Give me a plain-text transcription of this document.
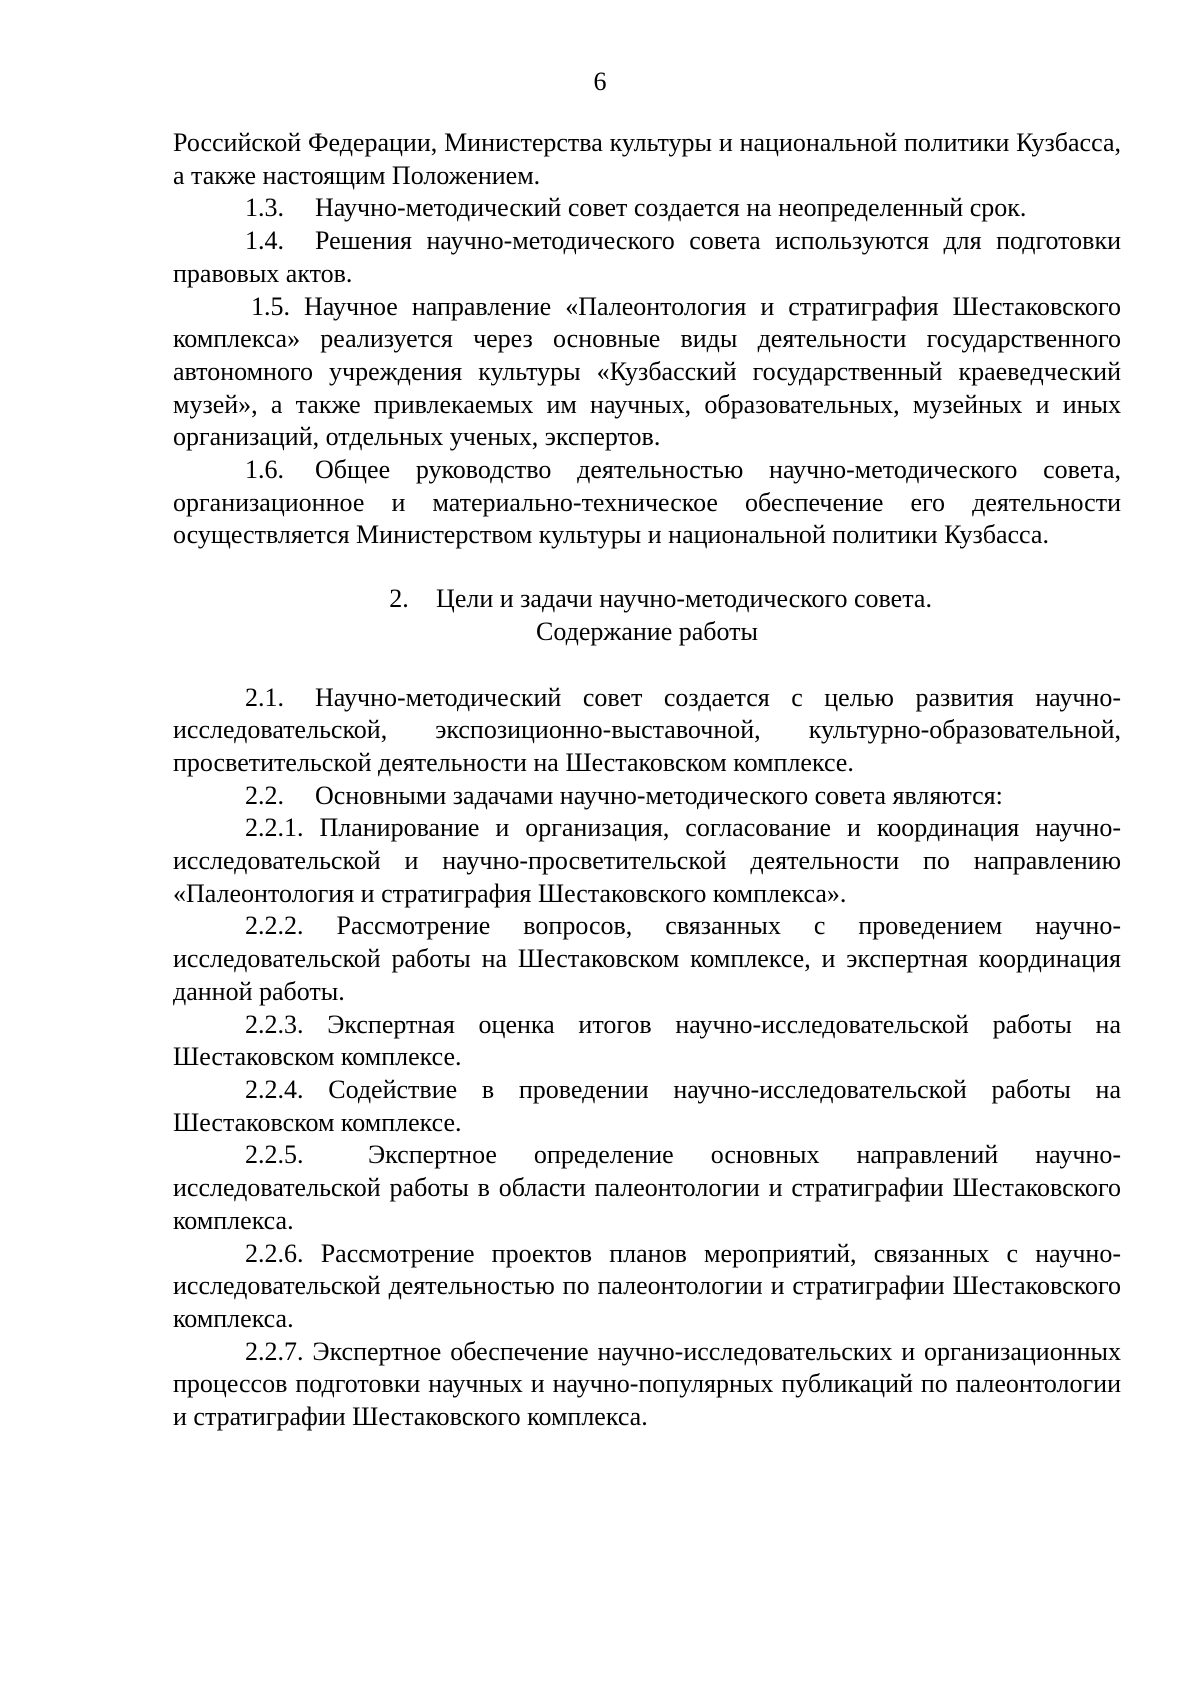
6

Российской Федерации, Министерства культуры и национальной политики Кузбасса, а также настоящим Положением.

1.3. Научно-методический совет создается на неопределенный срок.

1.4. Решения научно-методического совета используются для подготовки правовых актов.

1.5. Научное направление «Палеонтология и стратиграфия Шестаковского комплекса» реализуется через основные виды деятельности государственного автономного учреждения культуры «Кузбасский государственный краеведческий музей», а также привлекаемых им научных, образовательных, музейных и иных организаций, отдельных ученых, экспертов.

1.6. Общее руководство деятельностью научно-методического совета, организационное и материально-техническое обеспечение его деятельности осуществляется Министерством культуры и национальной политики Кузбасса.

2. Цели и задачи научно-методического совета.

Содержание работы

2.1. Научно-методический совет создается с целью развития научно-исследовательской, экспозиционно-выставочной, культурно-образовательной, просветительской деятельности на Шестаковском комплексе.

2.2. Основными задачами научно-методического совета являются:

2.2.1. Планирование и организация, согласование и координация научно-исследовательской и научно-просветительской деятельности по направлению «Палеонтология и стратиграфия Шестаковского комплекса».

2.2.2. Рассмотрение вопросов, связанных с проведением научно-исследовательской работы на Шестаковском комплексе, и экспертная координация данной работы.

2.2.3. Экспертная оценка итогов научно-исследовательской работы на Шестаковском комплексе.

2.2.4. Содействие в проведении научно-исследовательской работы на Шестаковском комплексе.

2.2.5. Экспертное определение основных направлений научно-исследовательской работы в области палеонтологии и стратиграфии Шестаковского комплекса.

2.2.6. Рассмотрение проектов планов мероприятий, связанных с научно-исследовательской деятельностью по палеонтологии и стратиграфии Шестаковского комплекса.

2.2.7. Экспертное обеспечение научно-исследовательских и организационных процессов подготовки научных и научно-популярных публикаций по палеонтологии и стратиграфии Шестаковского комплекса.
